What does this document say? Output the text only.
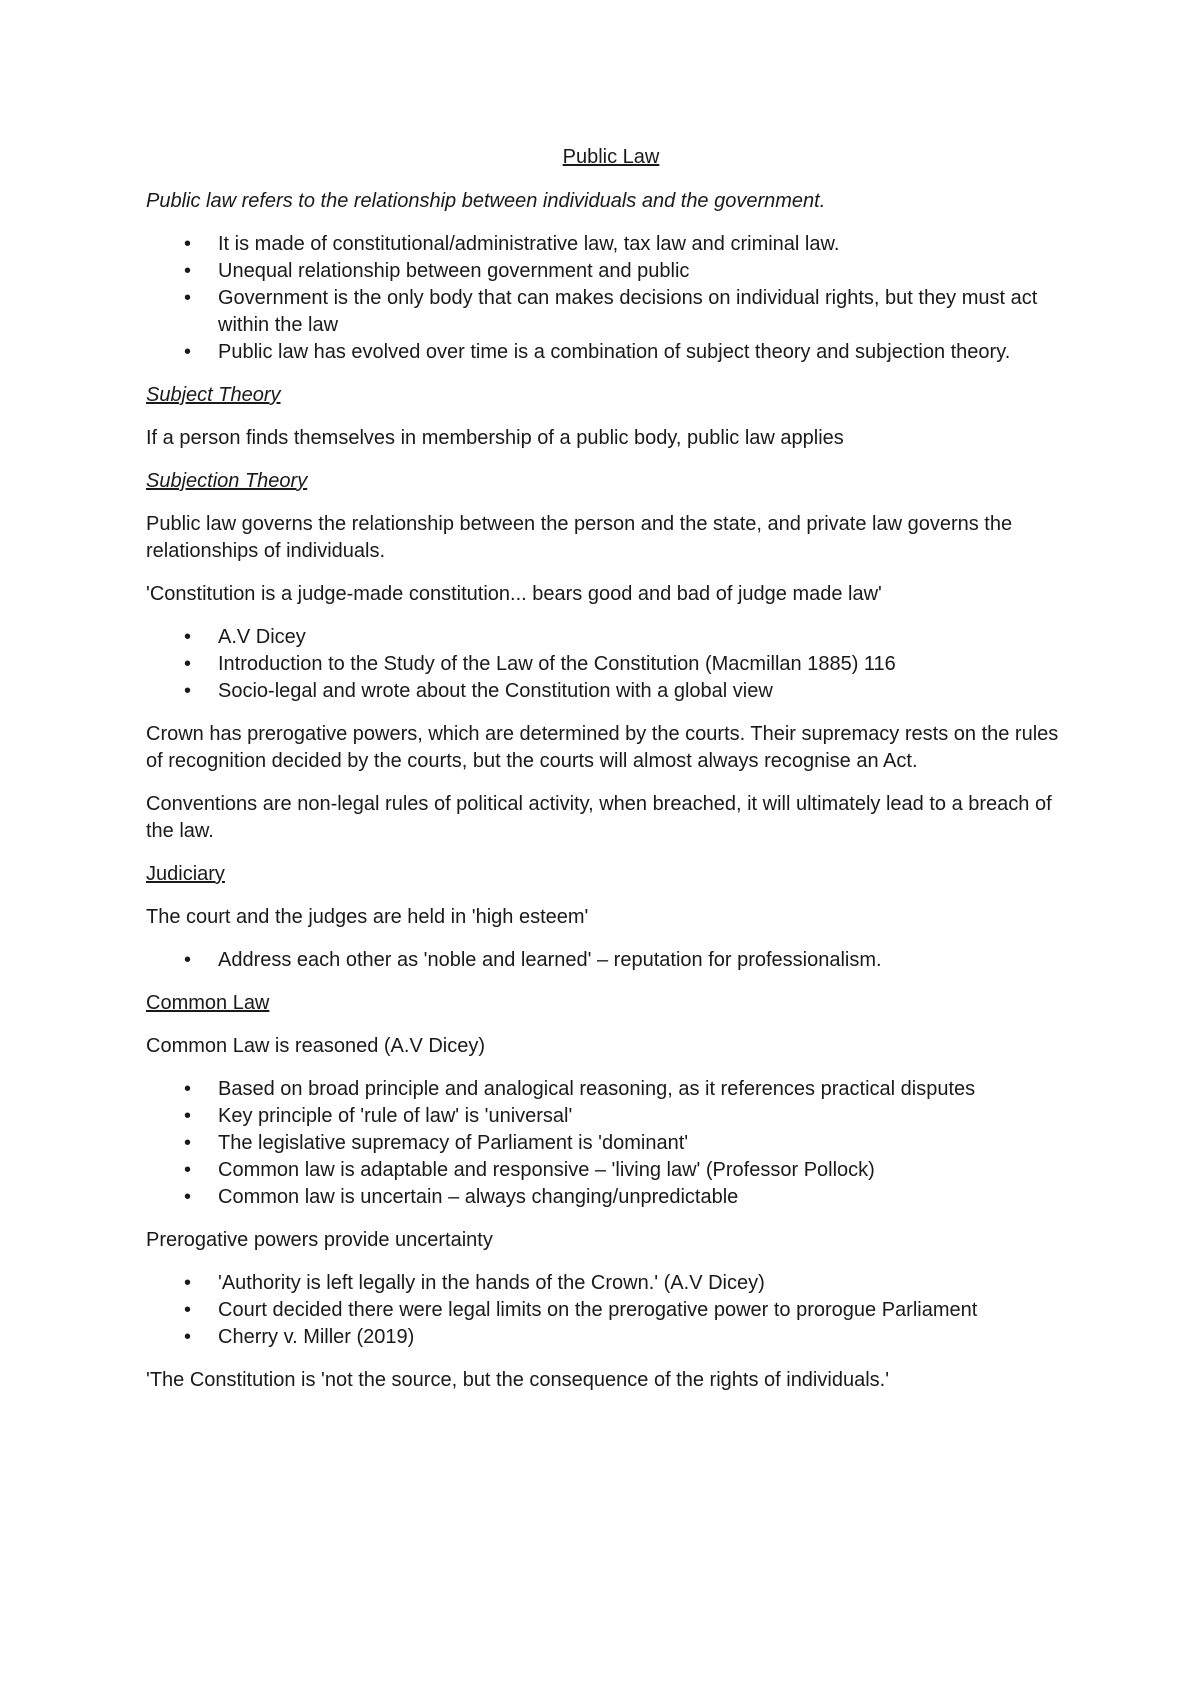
Public Law

Public law refers to the relationship between individuals and the government.

• It is made of constitutional/administrative law, tax law and criminal law.
• Unequal relationship between government and public
• Government is the only body that can makes decisions on individual rights, but they must act within the law
• Public law has evolved over time is a combination of subject theory and subjection theory.

Subject Theory

If a person finds themselves in membership of a public body, public law applies

Subjection Theory

Public law governs the relationship between the person and the state, and private law governs the relationships of individuals.

'Constitution is a judge-made constitution... bears good and bad of judge made law'

• A.V Dicey
• Introduction to the Study of the Law of the Constitution (Macmillan 1885) 116
• Socio-legal and wrote about the Constitution with a global view

Crown has prerogative powers, which are determined by the courts. Their supremacy rests on the rules of recognition decided by the courts, but the courts will almost always recognise an Act.

Conventions are non-legal rules of political activity, when breached, it will ultimately lead to a breach of the law.

Judiciary

The court and the judges are held in 'high esteem'

• Address each other as 'noble and learned' – reputation for professionalism.

Common Law

Common Law is reasoned (A.V Dicey)

• Based on broad principle and analogical reasoning, as it references practical disputes
• Key principle of 'rule of law' is 'universal'
• The legislative supremacy of Parliament is 'dominant'
• Common law is adaptable and responsive – 'living law' (Professor Pollock)
• Common law is uncertain – always changing/unpredictable

Prerogative powers provide uncertainty

• 'Authority is left legally in the hands of the Crown.' (A.V Dicey)
• Court decided there were legal limits on the prerogative power to prorogue Parliament
• Cherry v. Miller (2019)

'The Constitution is 'not the source, but the consequence of the rights of individuals.'
